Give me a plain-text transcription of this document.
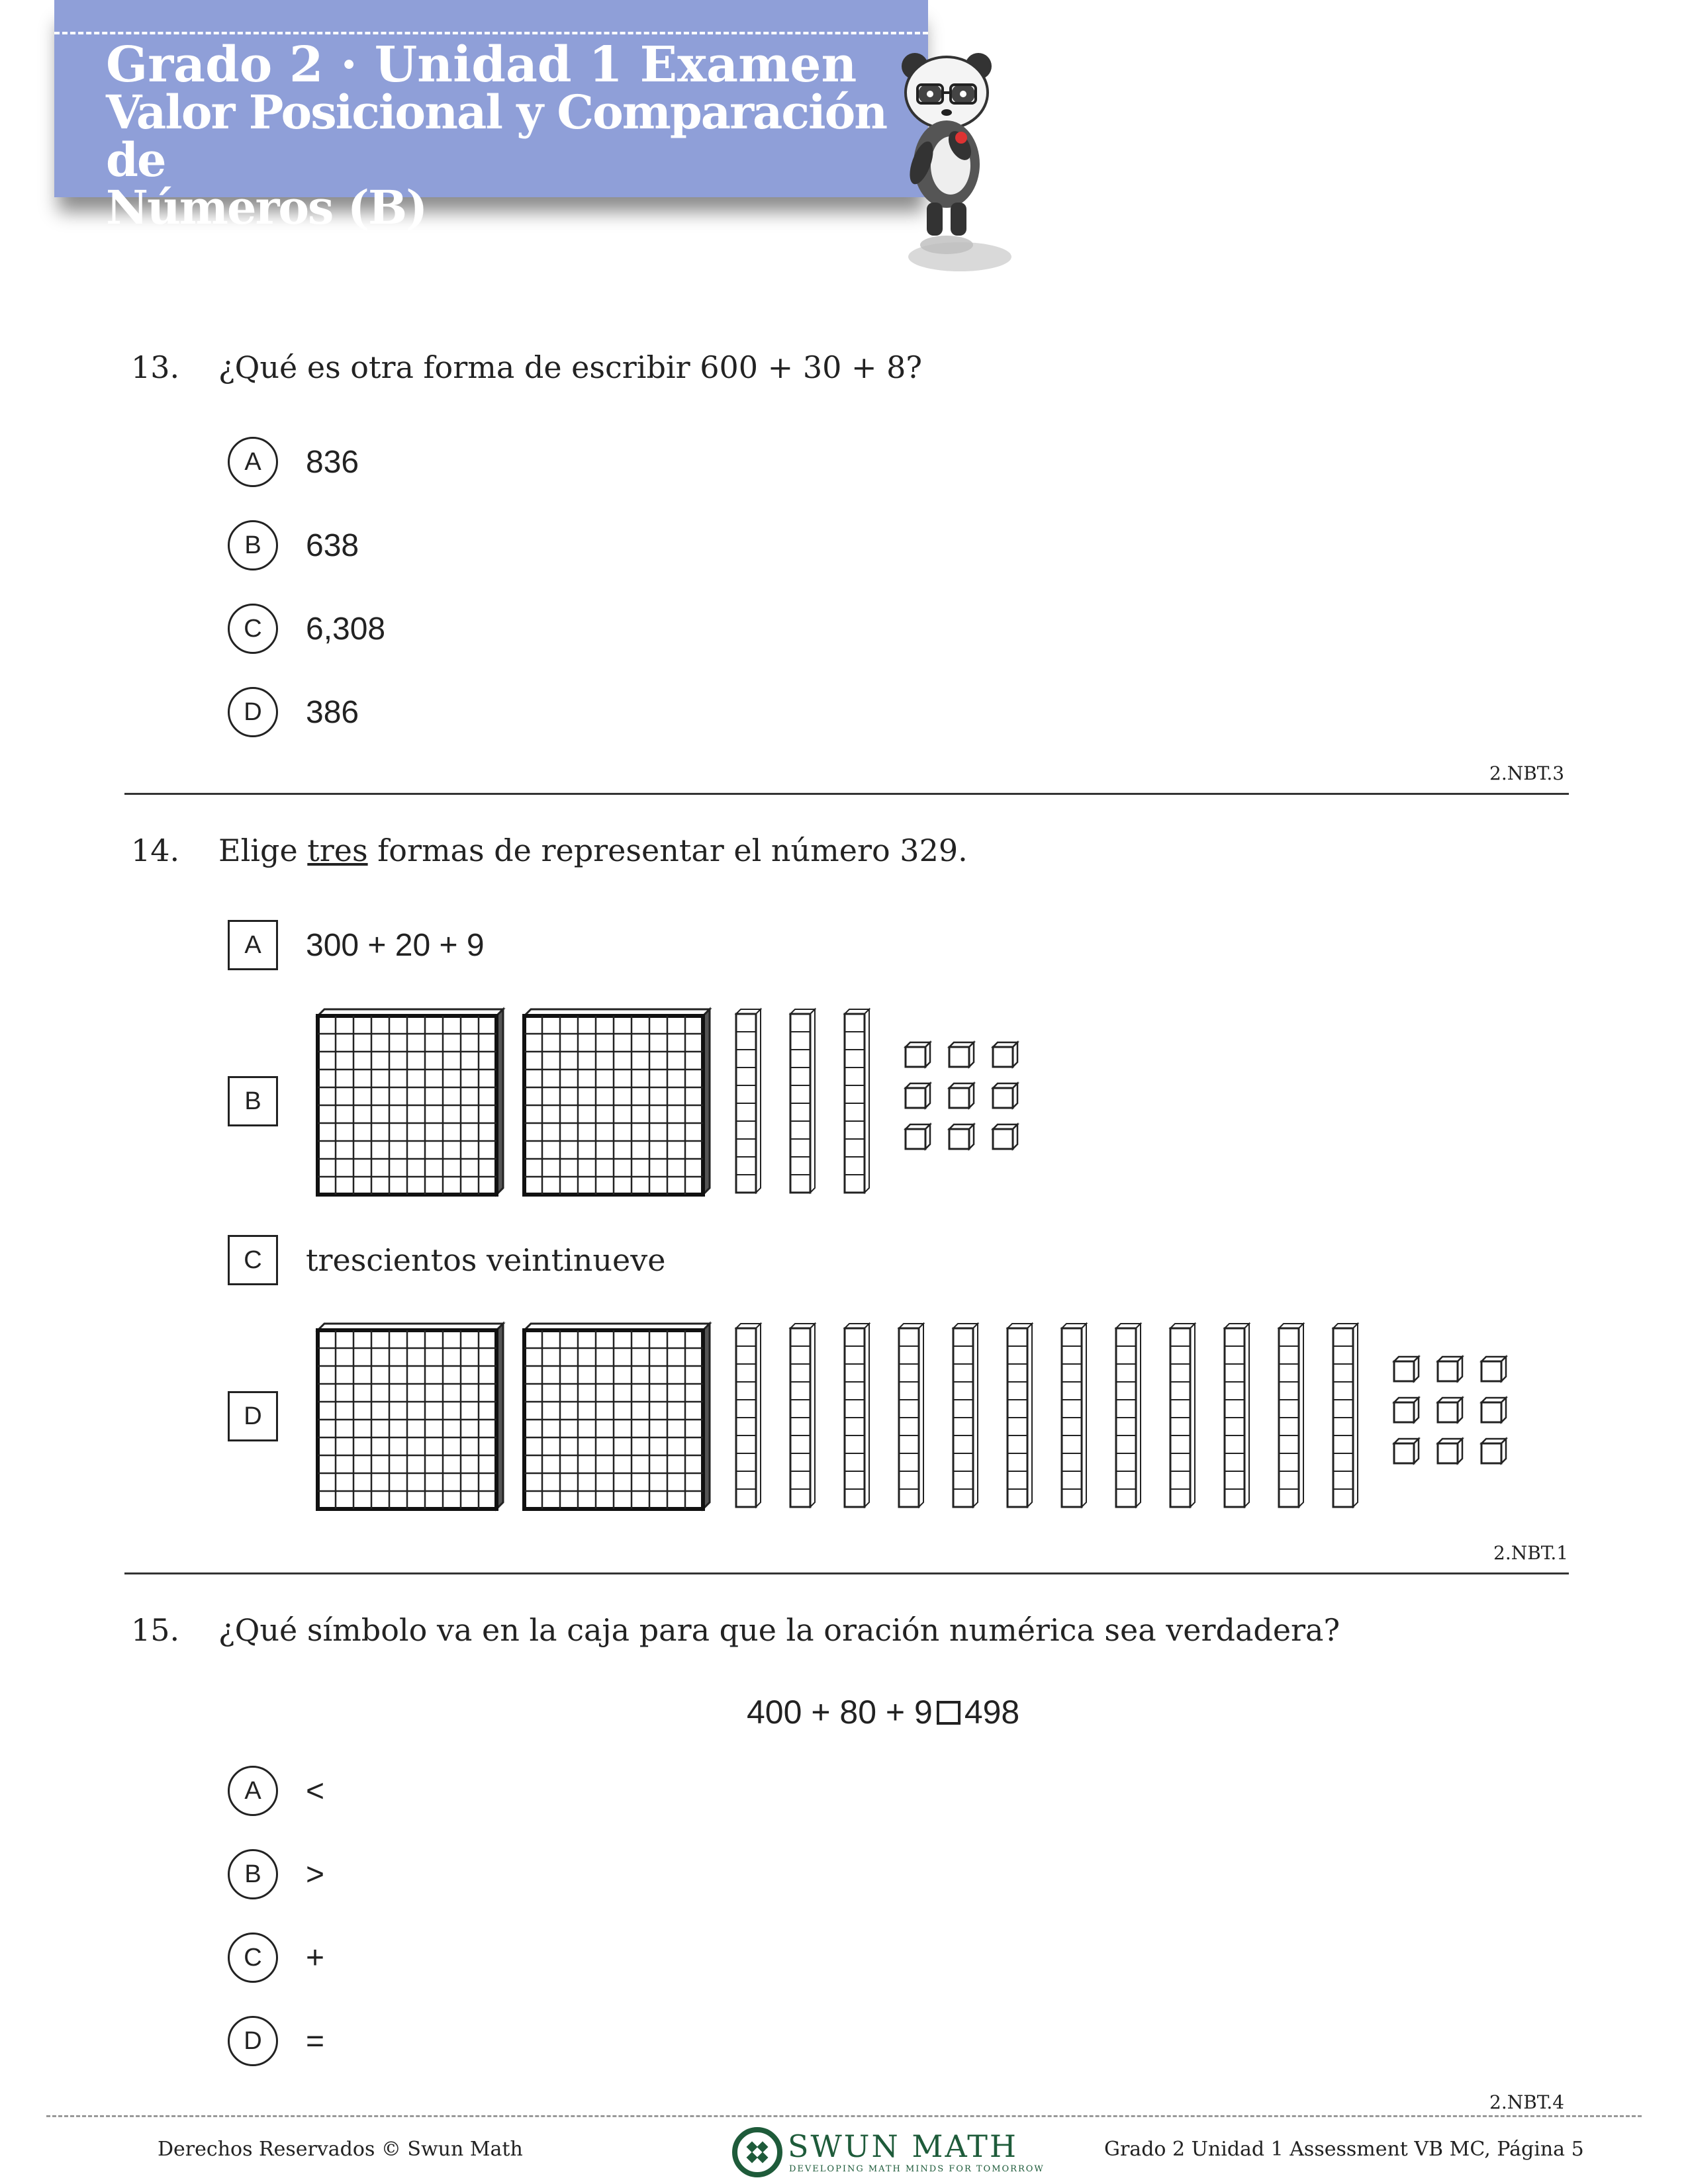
Grado 2 · Unidad 1 Examen
Valor Posicional y Comparación de
Números (B)
13. ¿Qué es otra forma de escribir 600 + 30 + 8?
A	836
B	638
C	6,308
D	386
2.NBT.3
14. Elige tres formas de representar el número 329.
A	300 + 20 + 9
B
C	trescientos veintinueve
D
2.NBT.1
15. ¿Qué símbolo va en la caja para que la oración numérica sea verdadera?
400 + 80 + 9 498
A	<
B	>
C	+
D	=
2.NBT.4
Derechos Reservados © Swun Math	SWUN MATH
DEVELOPING MATH MINDS FOR TOMORROW
Grado 2 Unidad 1 Assessment VB MC, Página 5
